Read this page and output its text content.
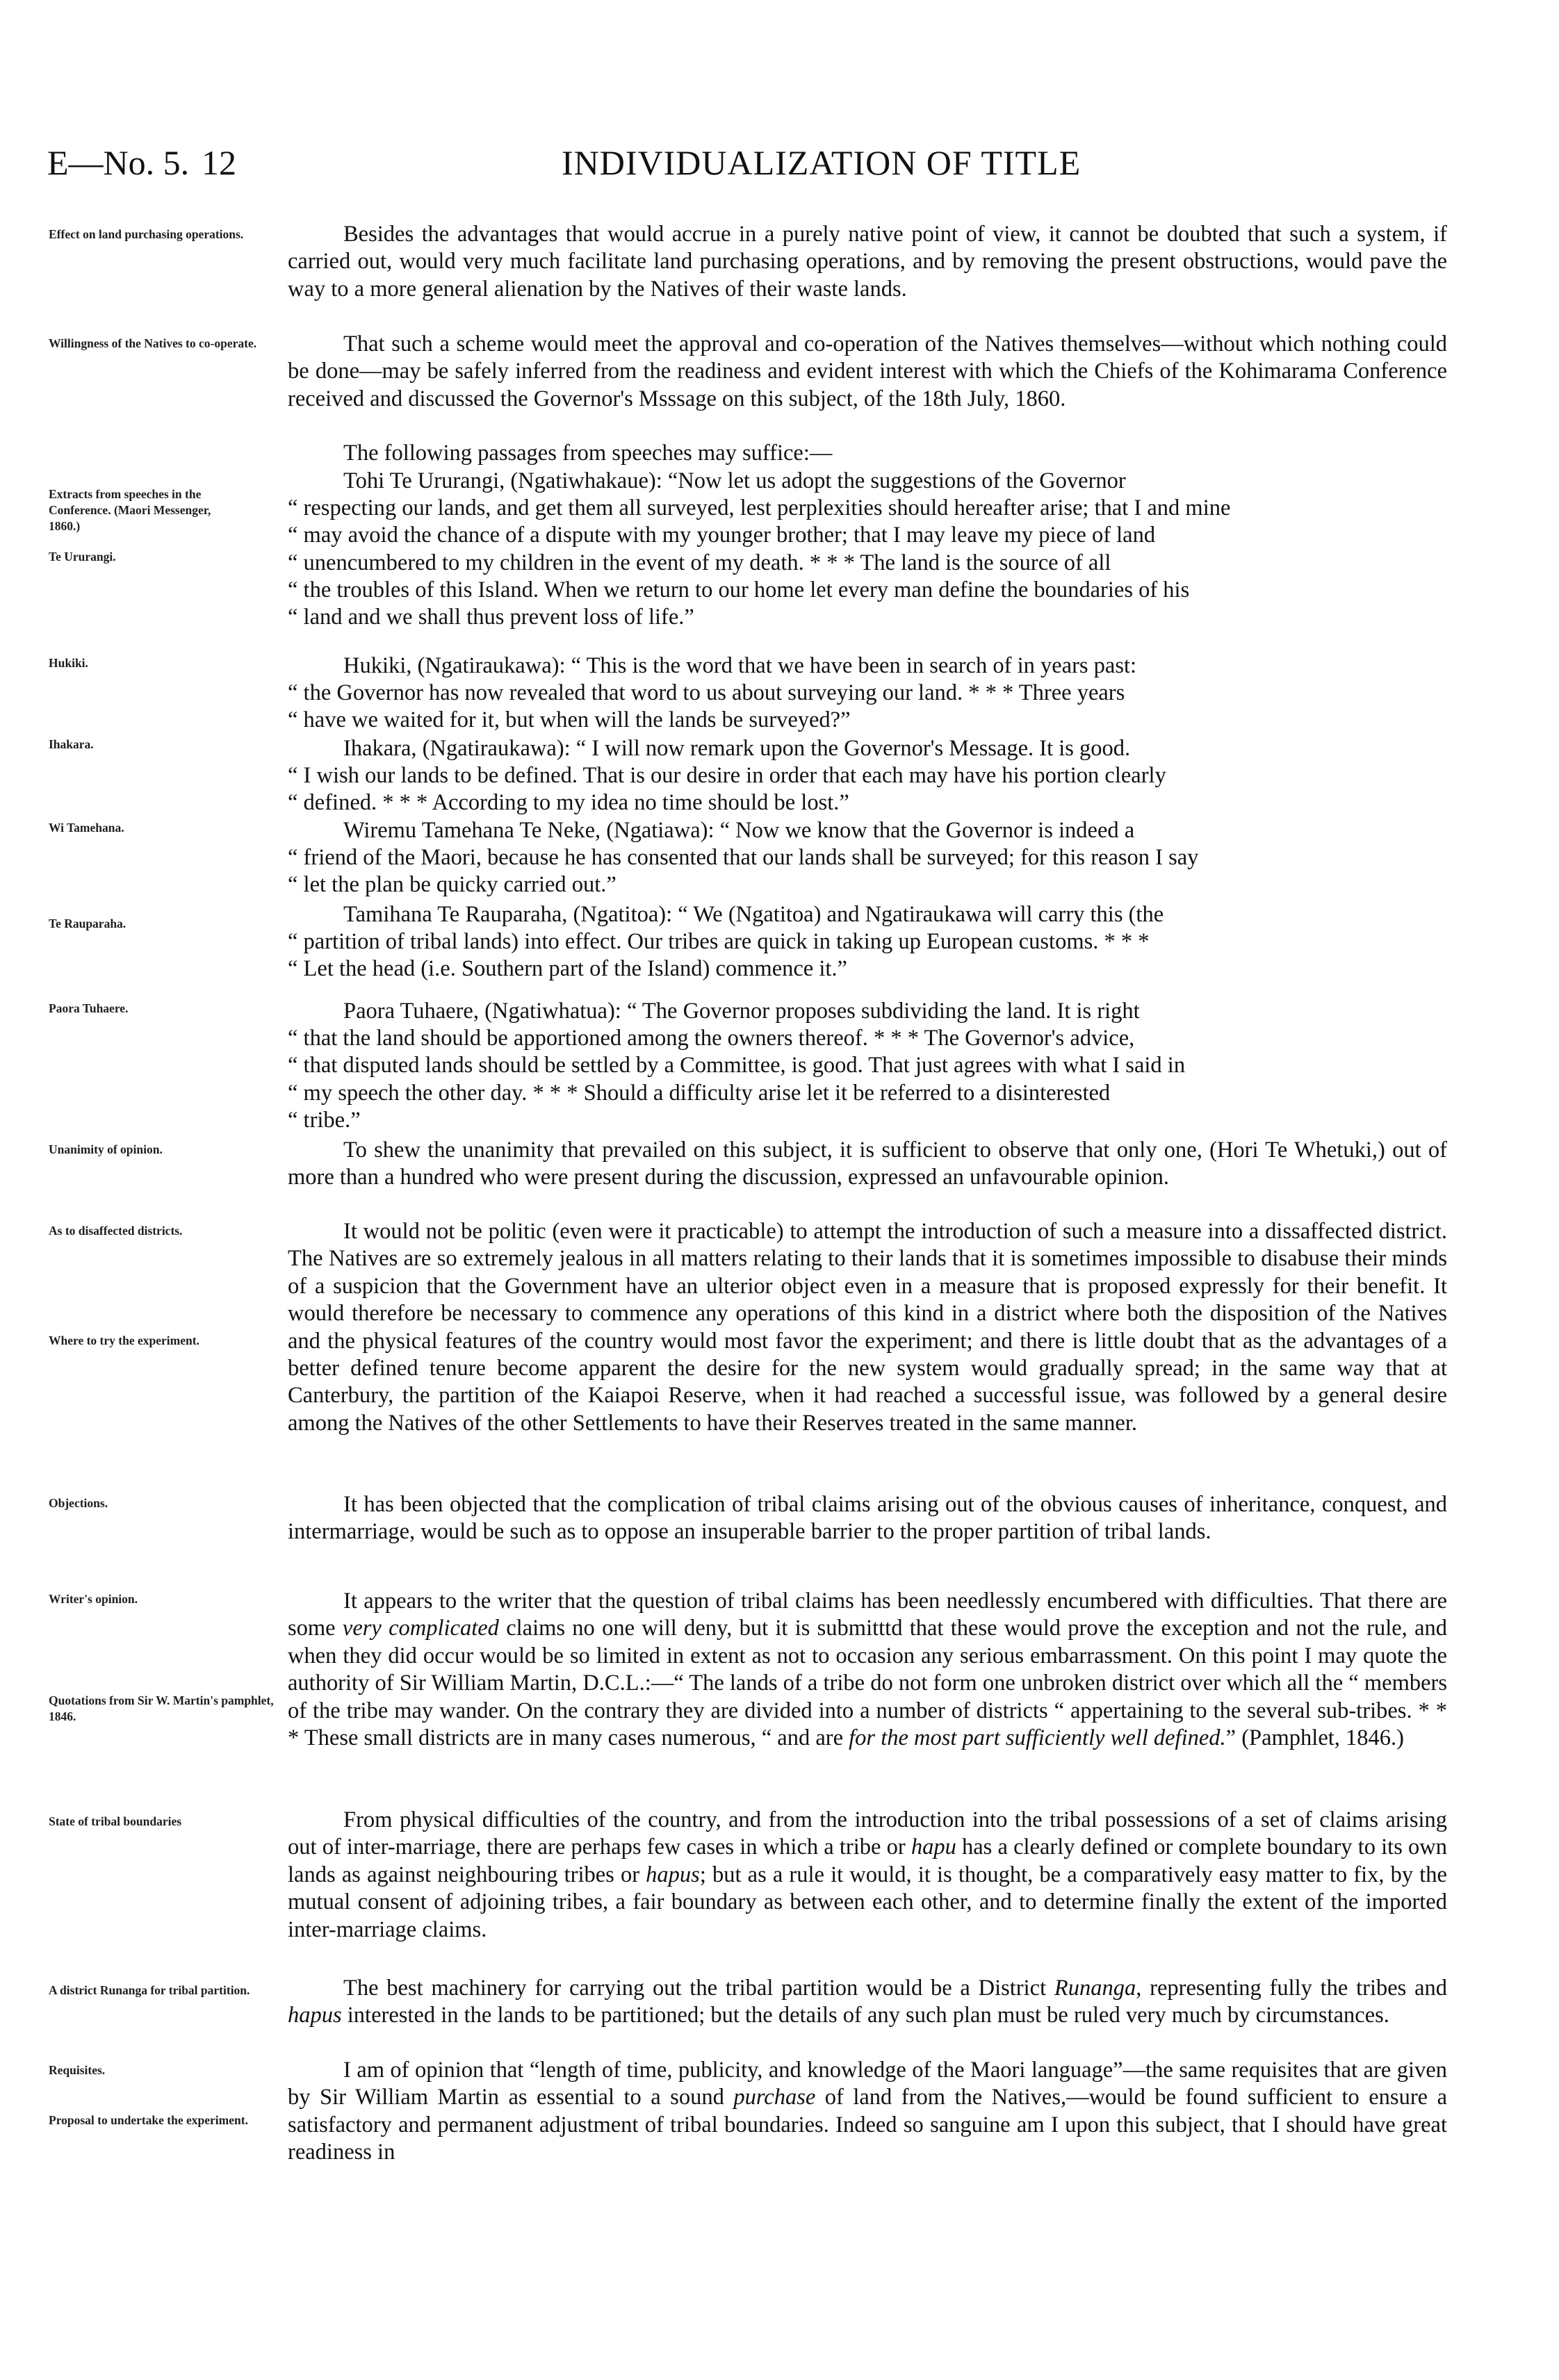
E—No. 5. 12	INDIVIDUALIZATION OF TITLE
Effect on land purchasing operations.
Willingness of the Natives to co-operate.
Extracts from speeches in the Conference. (Maori Messenger, 1860.)
Te Ururangi.
Hukiki.
Ihakara.
Wi Tamehana.
Te Rauparaha.
Paora Tuhaere.
Unanimity of opinion.
As to disaffected districts.
Where to try the experiment.
Objections.
Writer's opinion.
Quotations from Sir W. Martin's pamphlet, 1846.
State of tribal boundaries
A district Runanga for tribal partition.
Requisites.
Proposal to undertake the experiment.
Besides the advantages that would accrue in a purely native point of view, it cannot be doubted that such a system, if carried out, would very much facilitate land purchasing operations, and by removing the present obstructions, would pave the way to a more general alienation by the Natives of their waste lands.
That such a scheme would meet the approval and co-operation of the Natives themselves—without which nothing could be done—may be safely inferred from the readiness and evident interest with which the Chiefs of the Kohimarama Conference received and discussed the Governor's Msssage on this subject, of the 18th July, 1860.
The following passages from speeches may suffice:—
Tohi Te Ururangi, (Ngatiwhakaue): “Now let us adopt the suggestions of the Governor
“ respecting our lands, and get them all surveyed, lest perplexities should hereafter arise; that I and mine
“ may avoid the chance of a dispute with my younger brother; that I may leave my piece of land
“ unencumbered to my children in the event of my death. * * * The land is the source of all
“ the troubles of this Island. When we return to our home let every man define the boundaries of his
“ land and we shall thus prevent loss of life.”
Hukiki, (Ngatiraukawa): “ This is the word that we have been in search of in years past:
“ the Governor has now revealed that word to us about surveying our land. * * * Three years
“ have we waited for it, but when will the lands be surveyed?”
Ihakara, (Ngatiraukawa): “ I will now remark upon the Governor's Message. It is good.
“ I wish our lands to be defined. That is our desire in order that each may have his portion clearly
“ defined. * * * According to my idea no time should be lost.”
Wiremu Tamehana Te Neke, (Ngatiawa): “ Now we know that the Governor is indeed a
“ friend of the Maori, because he has consented that our lands shall be surveyed; for this reason I say
“ let the plan be quicky carried out.”
Tamihana Te Rauparaha, (Ngatitoa): “ We (Ngatitoa) and Ngatiraukawa will carry this (the
“ partition of tribal lands) into effect. Our tribes are quick in taking up European customs. * * *
“ Let the head (i.e. Southern part of the Island) commence it.”
Paora Tuhaere, (Ngatiwhatua): “ The Governor proposes subdividing the land. It is right
“ that the land should be apportioned among the owners thereof. * * * The Governor's advice,
“ that disputed lands should be settled by a Committee, is good. That just agrees with what I said in
“ my speech the other day. * * * Should a difficulty arise let it be referred to a disinterested
“ tribe.”
To shew the unanimity that prevailed on this subject, it is sufficient to observe that only one, (Hori Te Whetuki,) out of more than a hundred who were present during the discussion, expressed an unfavourable opinion.
It would not be politic (even were it practicable) to attempt the introduction of such a measure into a dissaffected district. The Natives are so extremely jealous in all matters relating to their lands that it is sometimes impossible to disabuse their minds of a suspicion that the Government have an ulterior object even in a measure that is proposed expressly for their benefit. It would therefore be necessary to commence any operations of this kind in a district where both the disposition of the Natives and the physical features of the country would most favor the experiment; and there is little doubt that as the advantages of a better defined tenure become apparent the desire for the new system would gradually spread; in the same way that at Canterbury, the partition of the Kaiapoi Reserve, when it had reached a successful issue, was followed by a general desire among the Natives of the other Settlements to have their Reserves treated in the same manner.
It has been objected that the complication of tribal claims arising out of the obvious causes of inheritance, conquest, and intermarriage, would be such as to oppose an insuperable barrier to the proper partition of tribal lands.
It appears to the writer that the question of tribal claims has been needlessly encumbered with difficulties. That there are some very complicated claims no one will deny, but it is submitttd that these would prove the exception and not the rule, and when they did occur would be so limited in extent as not to occasion any serious embarrassment. On this point I may quote the authority of Sir William Martin, D.C.L.:—“ The lands of a tribe do not form one unbroken district over which all the “ members of the tribe may wander. On the contrary they are divided into a number of districts “ appertaining to the several sub-tribes. * * * These small districts are in many cases numerous, “ and are for the most part sufficiently well defined.” (Pamphlet, 1846.)
From physical difficulties of the country, and from the introduction into the tribal possessions of a set of claims arising out of inter-marriage, there are perhaps few cases in which a tribe or hapu has a clearly defined or complete boundary to its own lands as against neighbouring tribes or hapus; but as a rule it would, it is thought, be a comparatively easy matter to fix, by the mutual consent of adjoining tribes, a fair boundary as between each other, and to determine finally the extent of the imported inter-marriage claims.
The best machinery for carrying out the tribal partition would be a District Runanga, representing fully the tribes and hapus interested in the lands to be partitioned; but the details of any such plan must be ruled very much by circumstances.
I am of opinion that “length of time, publicity, and knowledge of the Maori language”—the same requisites that are given by Sir William Martin as essential to a sound purchase of land from the Natives,—would be found sufficient to ensure a satisfactory and permanent adjustment of tribal boundaries. Indeed so sanguine am I upon this subject, that I should have great readiness in
